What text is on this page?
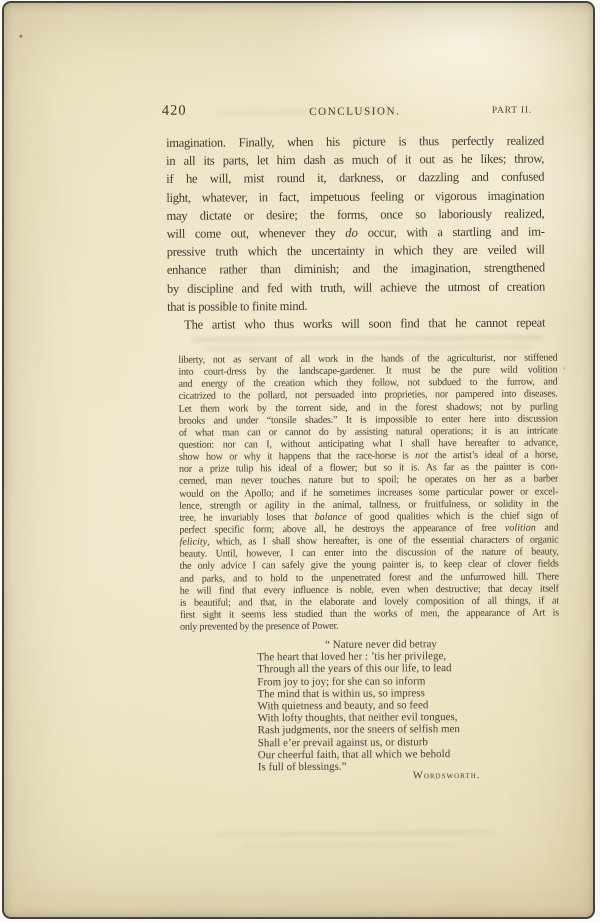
420	CONCLUSION.	PART II.
imagination. Finally, when his picture is thus perfectly realized
in all its parts, let him dash as much of it out as he likes; throw,
if he will, mist round it, darkness, or dazzling and confused
light, whatever, in fact, impetuous feeling or vigorous imagination
may dictate or desire; the forms, once so laboriously realized,
will come out, whenever they do occur, with a startling and im-
pressive truth which the uncertainty in which they are veiled will
enhance rather than diminish; and the imagination, strengthened
by discipline and fed with truth, will achieve the utmost of creation
that is possible to finite mind.
The artist who thus works will soon find that he cannot repeat
liberty, not as servant of all work in the hands of the agriculturist, nor stiffened
into court-dress by the landscape-gardener. It must be the pure wild volition
and energy of the creation which they follow, not subdued to the furrow, and
cicatrized to the pollard, not persuaded into proprieties, nor pampered into diseases.
Let them work by the torrent side, and in the forest shadows; not by purling
brooks and under “tonsile shades.” It is impossible to enter here into discussion
of what man can or cannot do by assisting natural operations; it is an intricate
question: nor can I, without anticipating what I shall have hereafter to advance,
show how or why it happens that the race-horse is not the artist’s ideal of a horse,
nor a prize tulip his ideal of a flower; but so it is. As far as the painter is con-
cerned, man never touches nature but to spoil; he operates on her as a barber
would on the Apollo; and if he sometimes increases some particular power or excel-
lence, strength or agility in the animal, tallness, or fruitfulness, or solidity in the
tree, he invariably loses that balance of good qualities which is the chief sign of
perfect specific form; above all, he destroys the appearance of free volition and
felicity, which, as I shall show hereafter, is one of the essential characters of organic
beauty. Until, however, I can enter into the discussion of the nature of beauty,
the only advice I can safely give the young painter is, to keep clear of clover fields
and parks, and to hold to the unpenetrated forest and the unfurrowed hill. There
he will find that every influence is noble, even when destructive; that decay itself
is beautiful; and that, in the elaborate and lovely composition of all things, if at
first sight it seems less studied than the works of men, the appearance of Art is
only prevented by the presence of Power.
“ Nature never did betray
The heart that loved her : ’tis her privilege,
Through all the years of this our life, to lead
From joy to joy; for she can so inform
The mind that is within us, so impress
With quietness and beauty, and so feed
With lofty thoughts, that neither evil tongues,
Rash judgments, nor the sneers of selfish men
Shall e’er prevail against us, or disturb
Our cheerful faith, that all which we behold
Is full of blessings.”
Wordsworth.
